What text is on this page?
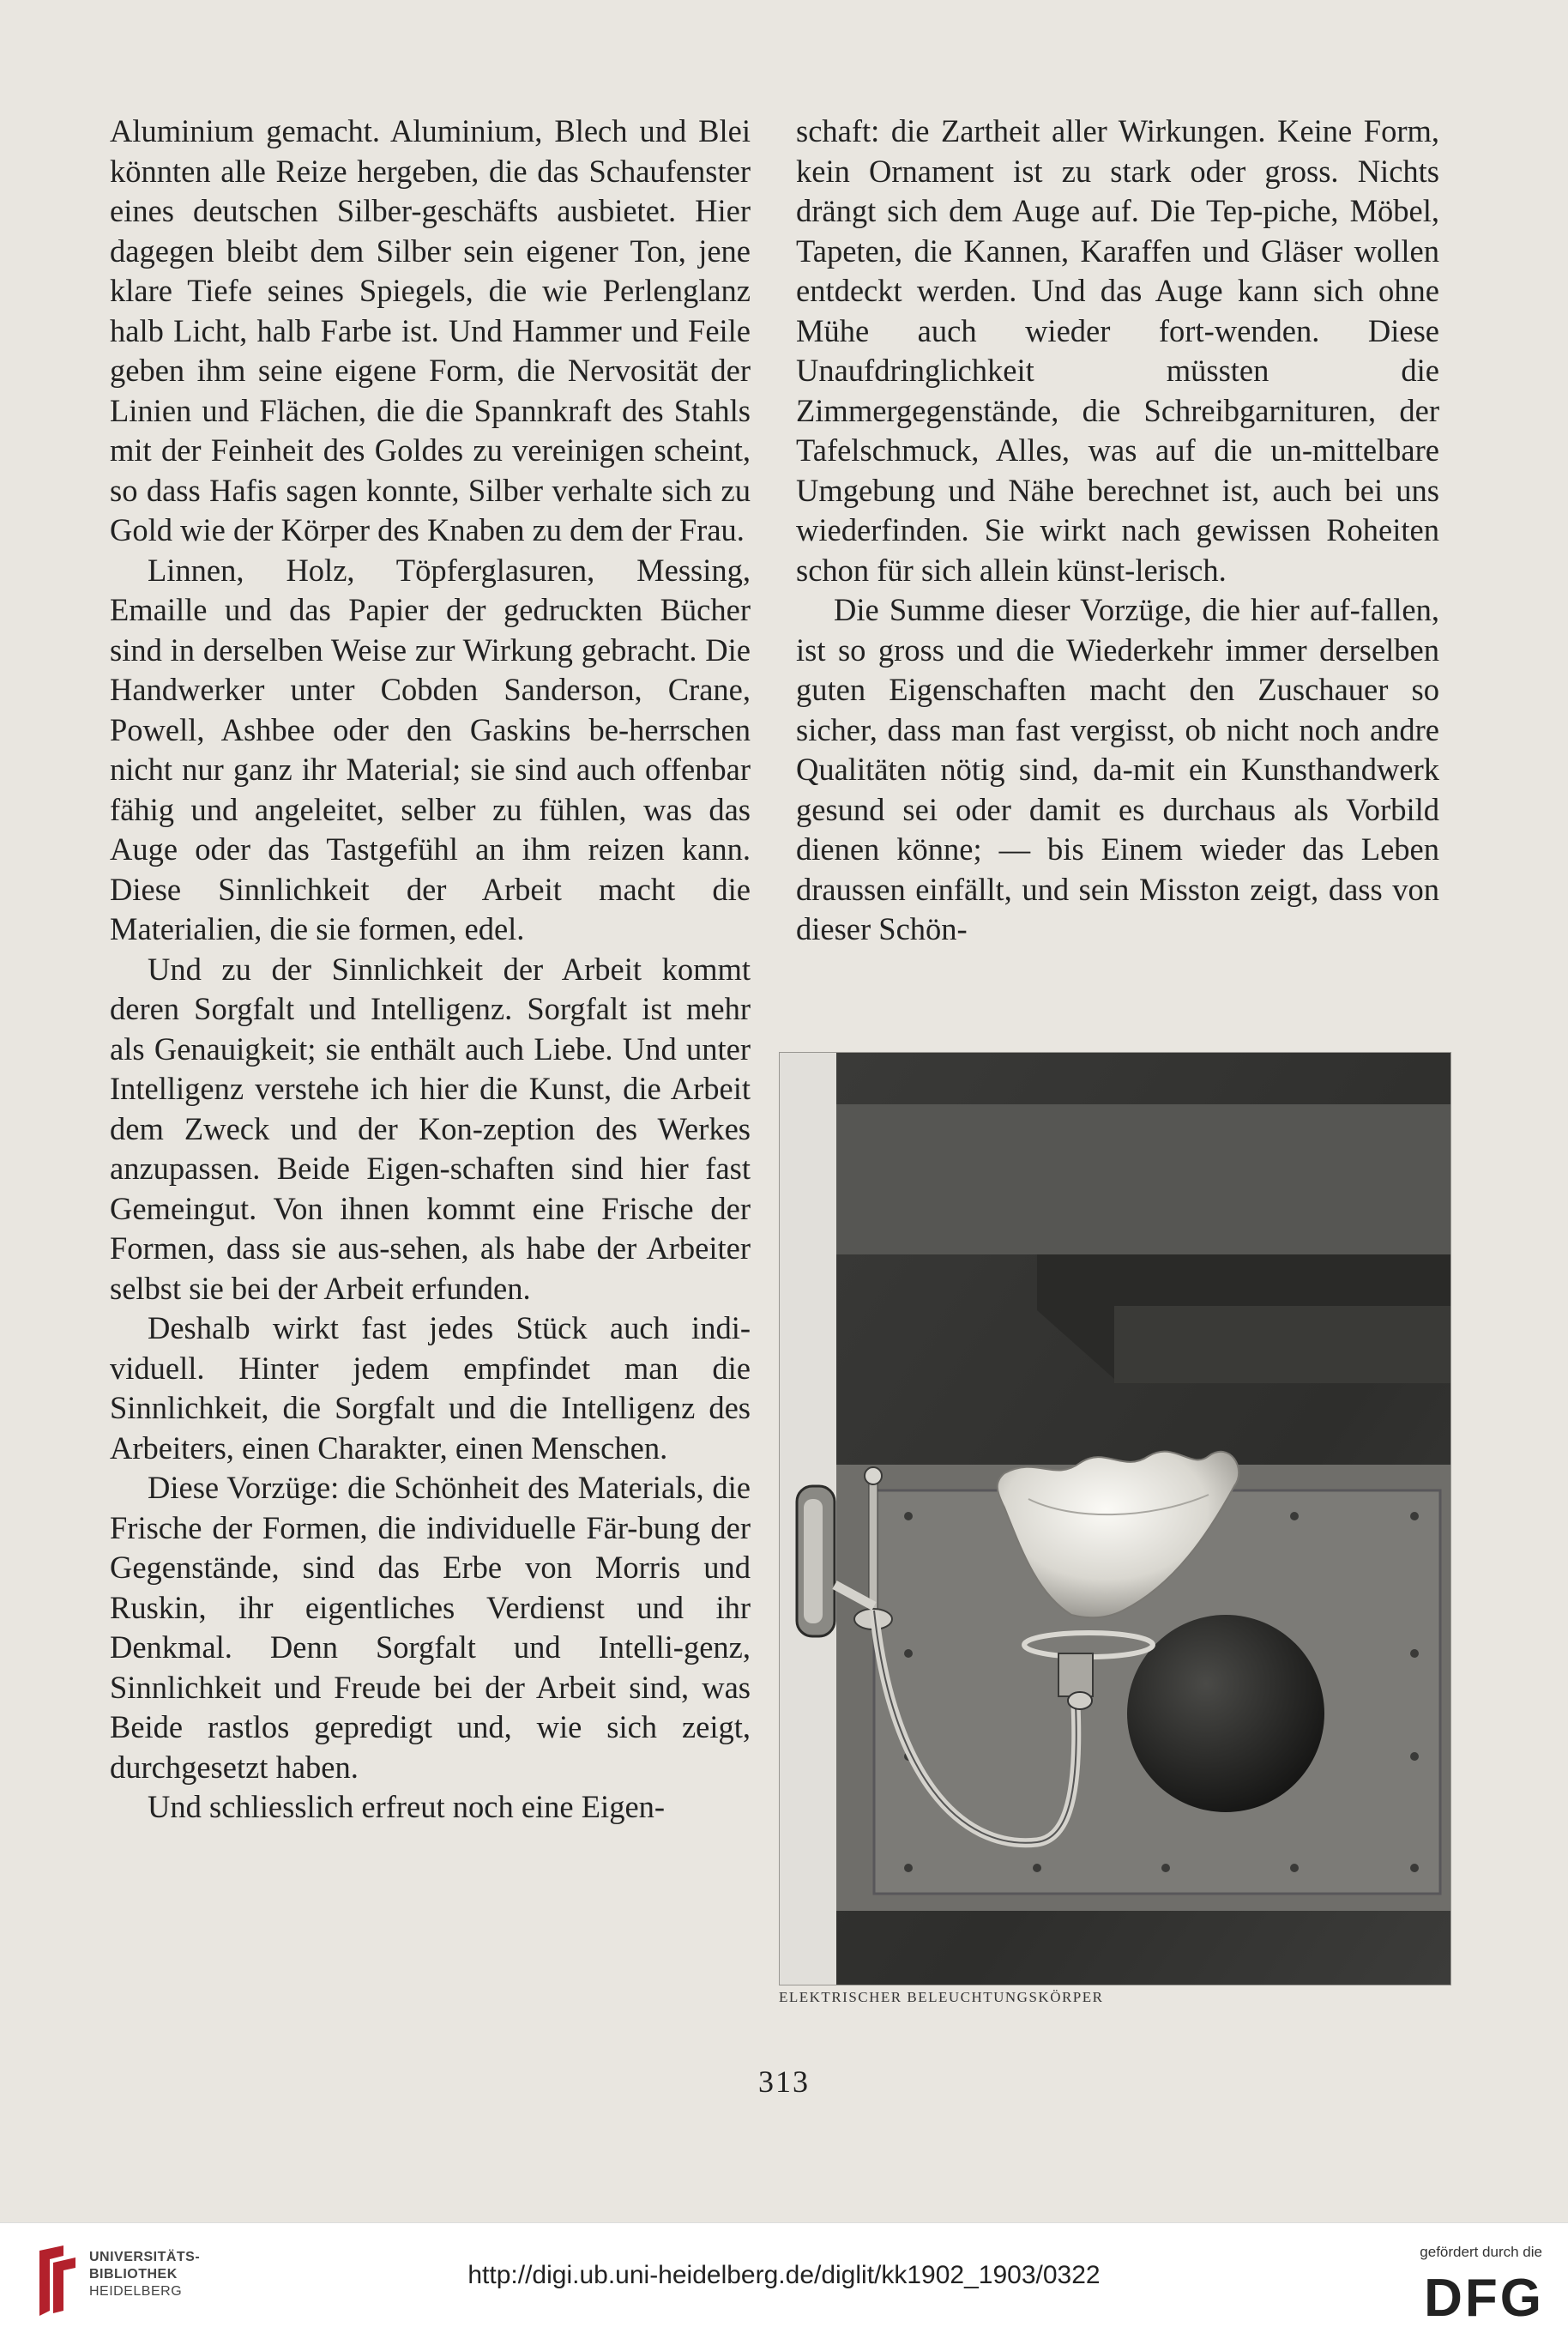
Aluminium gemacht. Aluminium, Blech und Blei könnten alle Reize hergeben, die das Schaufenster eines deutschen Silber-geschäfts ausbietet. Hier dagegen bleibt dem Silber sein eigener Ton, jene klare Tiefe seines Spiegels, die wie Perlenglanz halb Licht, halb Farbe ist. Und Hammer und Feile geben ihm seine eigene Form, die Nervosität der Linien und Flächen, die die Spannkraft des Stahls mit der Feinheit des Goldes zu vereinigen scheint, so dass Hafis sagen konnte, Silber verhalte sich zu Gold wie der Körper des Knaben zu dem der Frau.

Linnen, Holz, Töpferglasuren, Messing, Emaille und das Papier der gedruckten Bücher sind in derselben Weise zur Wirkung gebracht. Die Handwerker unter Cobden Sanderson, Crane, Powell, Ashbee oder den Gaskins be-herrschen nicht nur ganz ihr Material; sie sind auch offenbar fähig und angeleitet, selber zu fühlen, was das Auge oder das Tastgefühl an ihm reizen kann. Diese Sinnlichkeit der Arbeit macht die Materialien, die sie formen, edel.

Und zu der Sinnlichkeit der Arbeit kommt deren Sorgfalt und Intelligenz. Sorgfalt ist mehr als Genauigkeit; sie enthält auch Liebe. Und unter Intelligenz verstehe ich hier die Kunst, die Arbeit dem Zweck und der Kon-zeption des Werkes anzupassen. Beide Eigen-schaften sind hier fast Gemeingut. Von ihnen kommt eine Frische der Formen, dass sie aus-sehen, als habe der Arbeiter selbst sie bei der Arbeit erfunden.

Deshalb wirkt fast jedes Stück auch indi-viduell. Hinter jedem empfindet man die Sinnlichkeit, die Sorgfalt und die Intelligenz des Arbeiters, einen Charakter, einen Menschen.

Diese Vorzüge: die Schönheit des Materials, die Frische der Formen, die individuelle Fär-bung der Gegenstände, sind das Erbe von Morris und Ruskin, ihr eigentliches Verdienst und ihr Denkmal. Denn Sorgfalt und Intelli-genz, Sinnlichkeit und Freude bei der Arbeit sind, was Beide rastlos gepredigt und, wie sich zeigt, durchgesetzt haben.

Und schliesslich erfreut noch eine Eigen-

schaft: die Zartheit aller Wirkungen. Keine Form, kein Ornament ist zu stark oder gross. Nichts drängt sich dem Auge auf. Die Tep-piche, Möbel, Tapeten, die Kannen, Karaffen und Gläser wollen entdeckt werden. Und das Auge kann sich ohne Mühe auch wieder fort-wenden. Diese Unaufdringlichkeit müssten die Zimmergegenstände, die Schreibgarnituren, der Tafelschmuck, Alles, was auf die un-mittelbare Umgebung und Nähe berechnet ist, auch bei uns wiederfinden. Sie wirkt nach gewissen Roheiten schon für sich allein künst-lerisch.

Die Summe dieser Vorzüge, die hier auf-fallen, ist so gross und die Wiederkehr immer derselben guten Eigenschaften macht den Zuschauer so sicher, dass man fast vergisst, ob nicht noch andre Qualitäten nötig sind, da-mit ein Kunsthandwerk gesund sei oder damit es durchaus als Vorbild dienen könne; — bis Einem wieder das Leben draussen einfällt, und sein Misston zeigt, dass von dieser Schön-

ELEKTRISCHER BELEUCHTUNGSKÖRPER
313
UNIVERSITÄTS-
BIBLIOTHEK
HEIDELBERG
http://digi.ub.uni-heidelberg.de/diglit/kk1902_1903/0322
gefördert durch die
DFG
